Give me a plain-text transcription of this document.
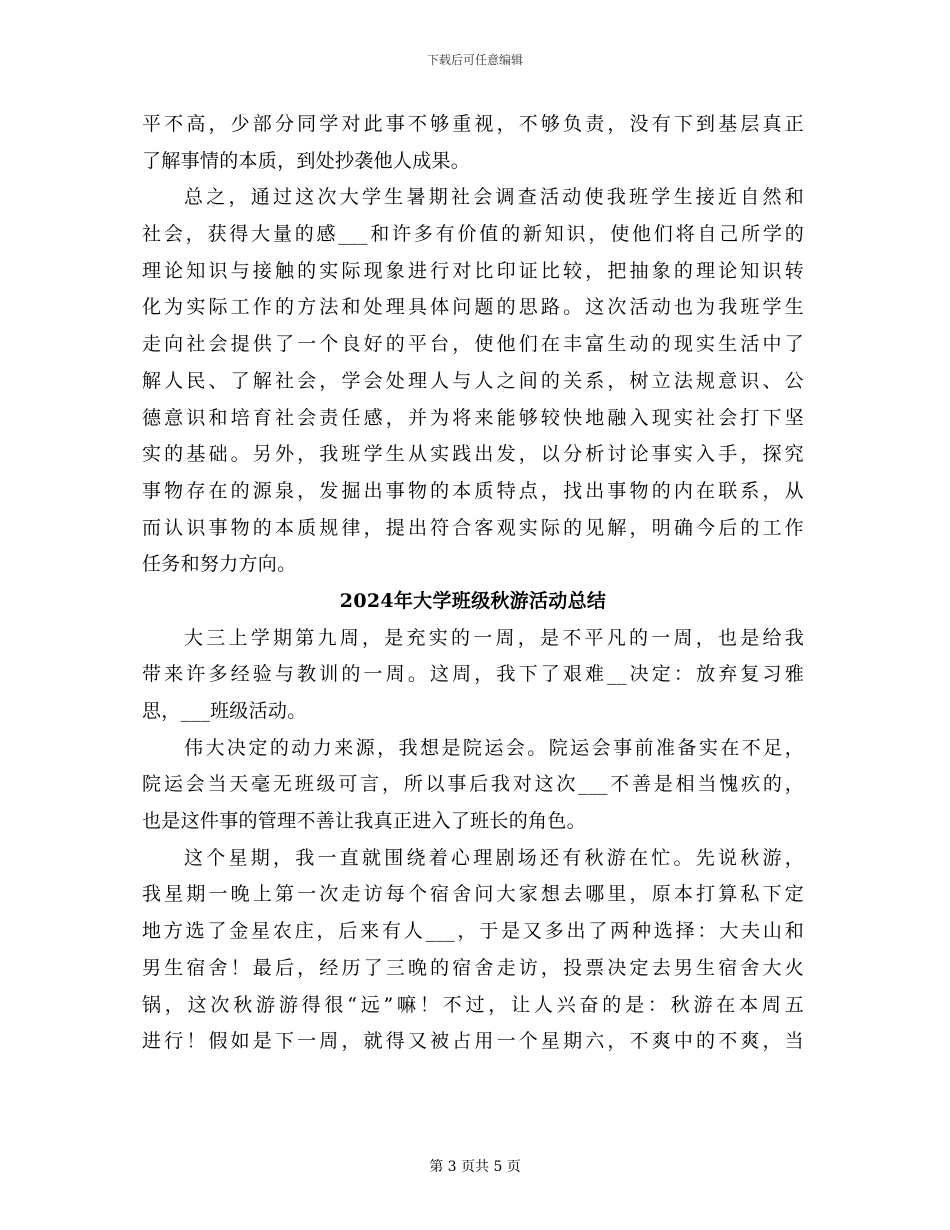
下载后可任意编辑
平不高，少部分同学对此事不够重视，不够负责，没有下到基层真正
了解事情的本质，到处抄袭他人成果。
总之，通过这次大学生暑期社会调查活动使我班学生接近自然和
社会，获得大量的感___和许多有价值的新知识，使他们将自己所学的
理论知识与接触的实际现象进行对比印证比较，把抽象的理论知识转
化为实际工作的方法和处理具体问题的思路。这次活动也为我班学生
走向社会提供了一个良好的平台，使他们在丰富生动的现实生活中了
解人民、了解社会，学会处理人与人之间的关系，树立法规意识、公
德意识和培育社会责任感，并为将来能够较快地融入现实社会打下坚
实的基础。另外，我班学生从实践出发，以分析讨论事实入手，探究
事物存在的源泉，发掘出事物的本质特点，找出事物的内在联系，从
而认识事物的本质规律，提出符合客观实际的见解，明确今后的工作
任务和努力方向。
2024年大学班级秋游活动总结
大三上学期第九周，是充实的一周，是不平凡的一周，也是给我
带来许多经验与教训的一周。这周，我下了艰难__决定：放弃复习雅
思，___班级活动。
伟大决定的动力来源，我想是院运会。院运会事前准备实在不足，
院运会当天毫无班级可言，所以事后我对这次___不善是相当愧疚的，
也是这件事的管理不善让我真正进入了班长的角色。
这个星期，我一直就围绕着心理剧场还有秋游在忙。先说秋游，
我星期一晚上第一次走访每个宿舍问大家想去哪里，原本打算私下定
地方选了金星农庄，后来有人___，于是又多出了两种选择：大夫山和
男生宿舍！最后，经历了三晚的宿舍走访，投票决定去男生宿舍大火
锅，这次秋游游得很“远”嘛！不过，让人兴奋的是：秋游在本周五
进行！假如是下一周，就得又被占用一个星期六，不爽中的不爽，当
第 3 页共 5 页
